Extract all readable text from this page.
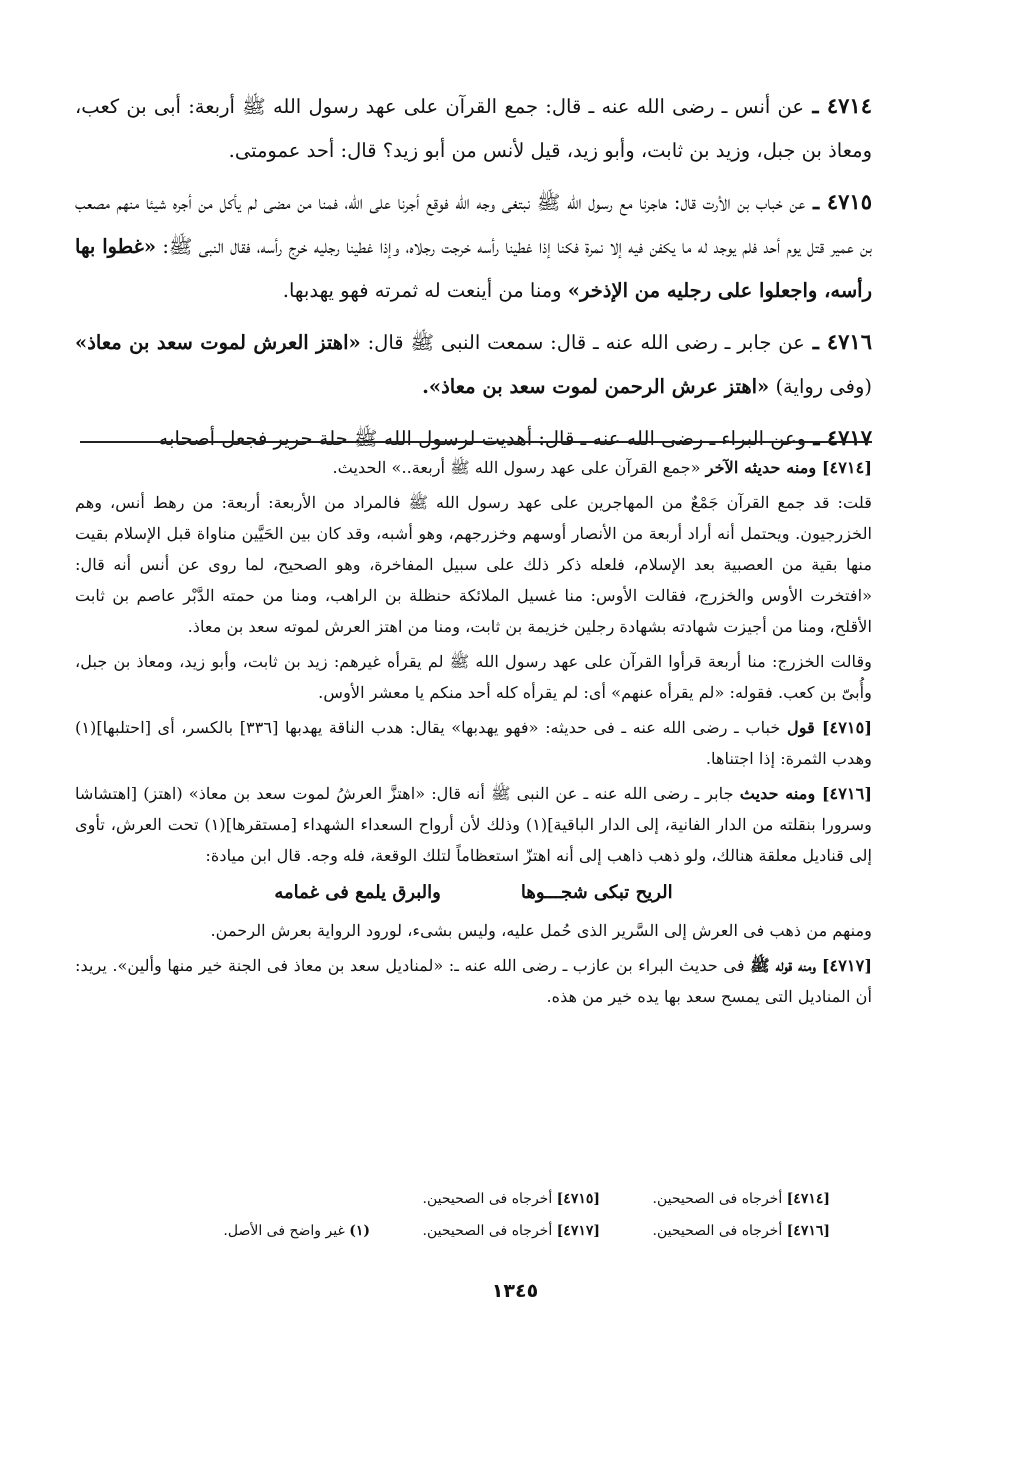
٤٧١٤ ـ عن أنس ـ رضى الله عنه ـ قال: جمع القرآن على عهد رسول الله ﷺ أربعة: أبى بن كعب، ومعاذ بن جبل، وزيد بن ثابت، وأبو زيد، قيل لأنس من أبو زيد؟ قال: أحد عمومتى.

٤٧١٥ ـ عن خباب بن الأرت قال: هاجرنا مع رسول الله ﷺ نبتغى وجه الله فوقع أجرنا على الله، فمنا من مضى لم يأكل من أجره شيئا منهم مصعب بن عمير قتل يوم أحد فلم يوجد له ما يكفن فيه إلا نمرة فكنا إذا غطينا رأسه خرجت رجلاه، وإذا غطينا رجليه خرج رأسه، فقال النبى ﷺ: «غطوا بها رأسه، واجعلوا على رجليه من الإذخر» ومنا من أينعت له ثمرته فهو يهدبها.

٤٧١٦ ـ عن جابر ـ رضى الله عنه ـ قال: سمعت النبى ﷺ قال: «اهتز العرش لموت سعد بن معاذ» (وفى رواية) «اهتز عرش الرحمن لموت سعد بن معاذ».

٤٧١٧ ـ وعن البراء ـ رضى الله عنه ـ قال: أهديت لرسول الله ﷺ حلة حرير فجعل أصحابه

[٤٧١٤] ومنه حديثه الآخر «جمع القرآن على عهد رسول الله ﷺ أربعة..» الحديث.

قلت: قد جمع القرآن جَمْعٌ من المهاجرين على عهد رسول الله ﷺ فالمراد من الأربعة: أربعة: من رهط أنس، وهم الخزرجيون. ويحتمل أنه أراد أربعة من الأنصار أوسهم وخزرجهم، وهو أشبه، وقد كان بين الحَيَّين مناواة قبل الإسلام بقيت منها بقية من العصبية بعد الإسلام، فلعله ذكر ذلك على سبيل المفاخرة، وهو الصحيح، لما روى عن أنس أنه قال: «افتخرت الأوس والخزرج، فقالت الأوس: منا غسيل الملائكة حنظلة بن الراهب، ومنا من حمته الدَّبْر عاصم بن ثابت الأقلح، ومنا من أجيزت شهادته بشهادة رجلين خزيمة بن ثابت، ومنا من اهتز العرش لموته سعد بن معاذ.

وقالت الخزرج: منا أربعة قرأوا القرآن على عهد رسول الله ﷺ لم يقرأه غيرهم: زيد بن ثابت، وأبو زيد، ومعاذ بن جبل، وأُبىّ بن كعب. فقوله: «لم يقرأه عنهم» أى: لم يقرأه كله أحد منكم يا معشر الأوس.

[٤٧١٥] قول خباب ـ رضى الله عنه ـ فى حديثه: «فهو يهدبها» يقال: هدب الناقة يهدبها [٣٣٦] بالكسر، أى [احتلبها](١) وهدب الثمرة: إذا اجتناها.

[٤٧١٦] ومنه حديث جابر ـ رضى الله عنه ـ عن النبى ﷺ أنه قال: «اهتزَّ العرشُ لموت سعد بن معاذ» (اهتز) [اهتشاشا وسرورا بنقلته من الدار الفانية، إلى الدار الباقية](١) وذلك لأن أرواح السعداء الشهداء [مستقرها](١) تحت العرش، تأوى إلى قناديل معلقة هنالك، ولو ذهب ذاهب إلى أنه اهتزّ استعظاماً لتلك الوقعة، فله وجه. قال ابن ميادة:

الريح تبكى شجـــوها
والبرق يلمع فى غمامه

ومنهم من ذهب فى العرش إلى السَّرير الذى حُمل عليه، وليس بشىء، لورود الرواية بعرش الرحمن.

[٤٧١٧] ومنه قوله ﷺ فى حديث البراء بن عازب ـ رضى الله عنه ـ: «لمناديل سعد بن معاذ فى الجنة خير منها وألين». يريد: أن المناديل التى يمسح سعد بها يده خير من هذه.

[٤٧١٤] أخرجاه فى الصحيحين.
[٤٧١٥] أخرجاه فى الصحيحين.
[٤٧١٦] أخرجاه فى الصحيحين.
[٤٧١٧] أخرجاه فى الصحيحين.
(١) غير واضح فى الأصل.
١٣٤٥
